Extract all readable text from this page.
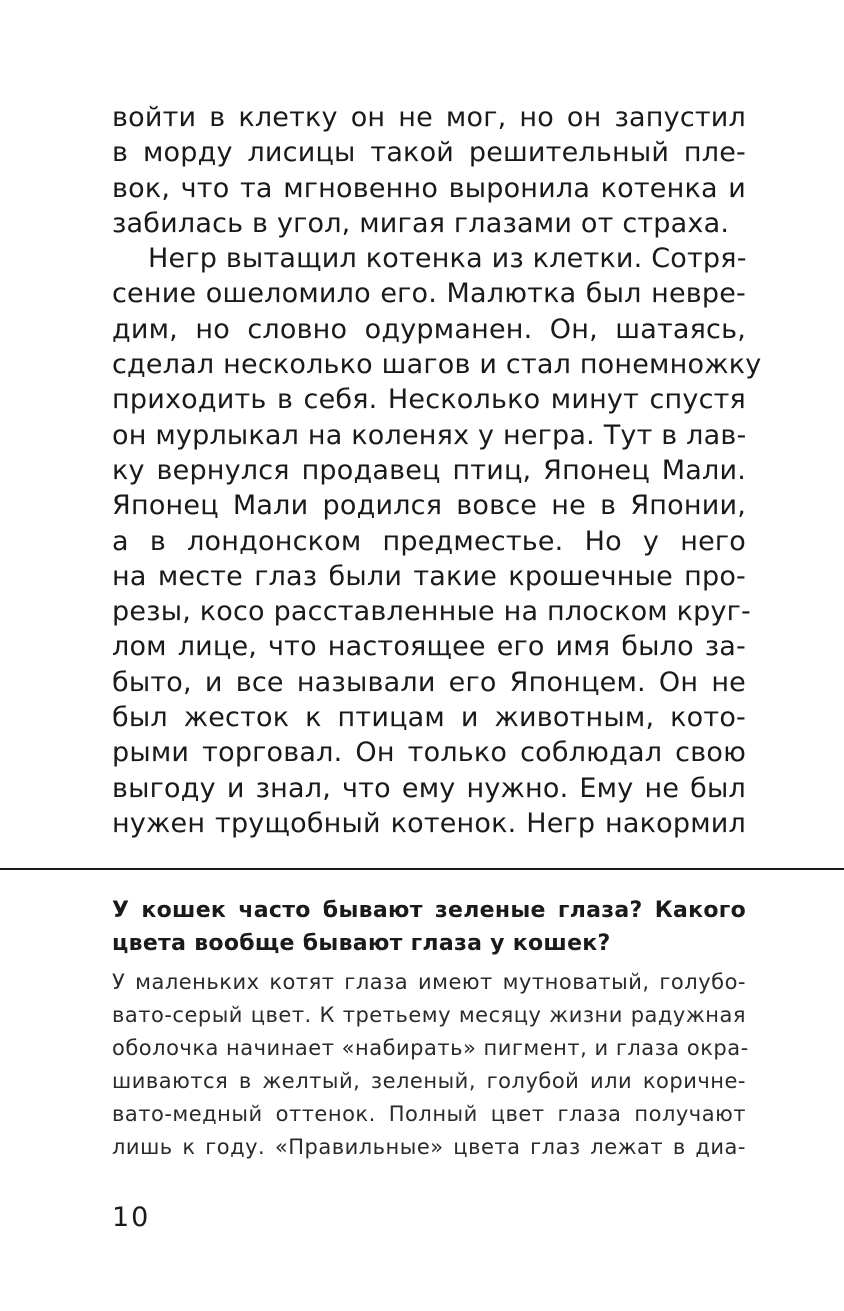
войти в клетку он не мог, но он запустил
в морду лисицы такой решительный пле-
вок, что та мгновенно выронила котенка и
забилась в угол, мигая глазами от страха.
Негр вытащил котенка из клетки. Сотря-
сение ошеломило его. Малютка был невре-
дим, но словно одурманен. Он, шатаясь,
сделал несколько шагов и стал понемножку
приходить в себя. Несколько минут спустя
он мурлыкал на коленях у негра. Тут в лав-
ку вернулся продавец птиц, Японец Мали.
Японец Мали родился вовсе не в Японии,
а в лондонском предместье. Но у него
на месте глаз были такие крошечные про-
резы, косо расставленные на плоском круг-
лом лице, что настоящее его имя было за-
быто, и все называли его Японцем. Он не
был жесток к птицам и животным, кото-
рыми торговал. Он только соблюдал свою
выгоду и знал, что ему нужно. Ему не был
нужен трущобный котенок. Негр накормил
У кошек часто бывают зеленые глаза? Какого
цвета вообще бывают глаза у кошек?
У маленьких котят глаза имеют мутноватый, голубо-
вато-серый цвет. К третьему месяцу жизни радужная
оболочка начинает «набирать» пигмент, и глаза окра-
шиваются в желтый, зеленый, голубой или коричне-
вато-медный оттенок. Полный цвет глаза получают
лишь к году. «Правильные» цвета глаз лежат в диа-
10
